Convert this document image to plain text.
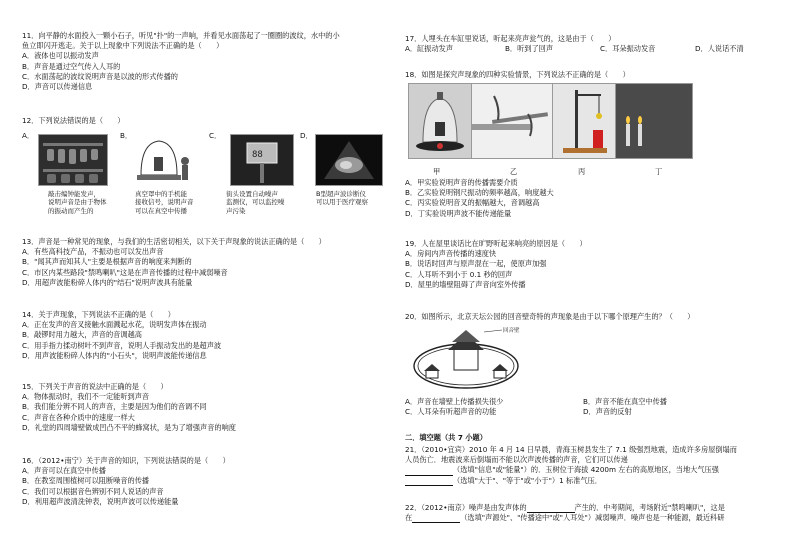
11．向平静的水面投入一颗小石子，听见"扑"的一声响，并看见水面荡起了一圈圈的波纹，水中的小
鱼立即闪开逃走。关于以上现象中下列说法不正确的是（　　）
A．液体也可以振动发声
B．声音是通过空气传入人耳的
C．水面荡起的波纹说明声音是以波的形式传播的
D．声音可以传递信息
12．下列说法错误的是（　　）
A．	B．	C．	D．
88
敲击编钟能发声，
说明声音是由于物体
的振动而产生的
真空罩中的手机能
接收信号，说明声音
可以在真空中传播
街头设置自动噪声
监测仪，可以监控噪
声污染
B型超声波诊断仪
可以用于医疗观察
13．声音是一种常见的现象，与我们的生活密切相关，以下关于声现象的说法正确的是（　　）
A．有些高科技产品，不振动也可以发出声音
B．"闻其声而知其人"主要是根据声音的响度来判断的
C．市区内某些路段"禁鸣喇叭"这是在声音传播的过程中减弱噪音
D．用超声波能粉碎人体内的"结石"说明声波具有能量
14．关于声现象，下列说法不正确的是（　　）
A．正在发声的音叉接触水面溅起水花，说明发声体在振动
B．敲锣时用力越大，声音的音调越高
C．用手指力揉动树叶不到声音，说明人手振动发出的是超声波
D．用声波能粉碎人体内的"小石头"，说明声波能传递信息
15．下列关于声音的说法中正确的是（　　）
A．物体振动时，我们不一定能听到声音
B．我们能分辨不同人的声音，主要是因为他们的音调不同
C．声音在各种介质中的速度一样大
D．礼堂的四周墙壁做成凹凸不平的蜂窝状，是为了增强声音的响度
16．（2012•南宁）关于声音的知识，下列说法错误的是（　　）
A．声音可以在真空中传播
B．在教室周围植树可以阻断噪音的传播
C．我们可以根据音色辨别不同人说话的声音
D．利用超声波清洗钟表，说明声波可以传递能量
17．人埋头在车缸里说话，听起来亮声瓮气的，这是由于（　　）
A．缸振动发声	B．听到了回声	C．耳朵振动发音	D．人说话不清
18．如图是探究声现象的四种实验情景，下列说法不正确的是（　　）
甲	乙	丙	丁
A．甲实验说明声音的传播需要介质
B．乙实验说明钢尺振动的频率越高，响度越大
C．丙实验说明音叉的振幅越大，音调越高
D．丁实验说明声波不能传递能量
19．人在屋里谈话比在旷野听起来响亮的原因是（　　）
A．房间内声音传播的速度快
B．说话时回声与原声混在一起，使原声加强
C．人耳听不到小于 0.1 秒的回声
D．屋里的墙壁阻碍了声音向室外传播
20．如图所示，北京天坛公园的回音壁奇特的声现象是由于以下哪个原理产生的？（　　）
回音壁
A．声音在墙壁上传播损失很少	B．声音不能在真空中传播
C．人耳朵有听超声音的功能	D．声音的反射
二．填空题（共 7 小题）
21．（2010•宜宾）2010 年 4 月 14 日早晨，青海玉树县发生了 7.1 级强烈地震，造成许多房屋倒塌而
人员伤亡．地震波来后倒塌而不能以次声波传播的声音，它们可以传递
（选填"信息"或"能量"）的．玉树位于海拔 4200m 左右的高原地区，当地大气压强
（选填"大于"、"等于"或"小于"）1 标准气压．
22．（2012•南京）噪声是由发声体的	产生的．中考期间，考场附近"禁鸣喇叭"，这是
在	（选填"声源处"、"传播途中"或"人耳处"）减弱噪声．噪声也是一种能源，最近科研
